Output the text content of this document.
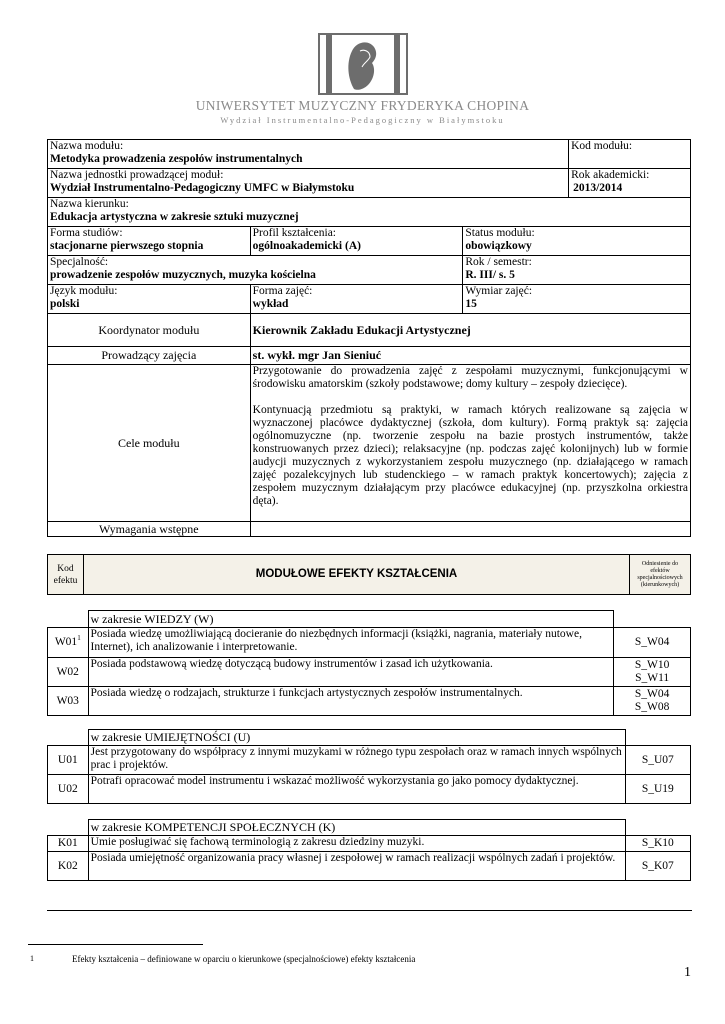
UNIWERSYTET MUZYCZNY FRYDERYKA CHOPINA
Wydział Instrumentalno-Pedagogiczny w Białymstoku
Nazwa modułu:
Metodyka prowadzenia zespołów instrumentalnych			Kod modułu:

Nazwa jednostki prowadzącej moduł:
Wydział Instrumentalno-Pedagogiczny UMFC w Białymstoku			Rok akademicki:
2013/2014

Nazwa kierunku:
Edukacja artystyczna w zakresie sztuki muzycznej			

Forma studiów:
stacjonarne pierwszego stopnia	Profil kształcenia:
ogólnoakademicki (A)	Status modułu:
obowiązkowy	

Specjalność:
prowadzenie zespołów muzycznych, muzyka kościelna		Rok / semestr:
R. III/ s. 5	

Język modułu:
polski	Forma zajęć:
wykład	Wymiar zajęć:
15	

Koordynator modułu	Kierownik Zakładu Edukacji Artystycznej		
Prowadzący zajęcia	st. wykł. mgr Jan Sieniuć		
Cele modułu	Przygotowanie do prowadzenia zajęć z zespołami muzycznymi, funkcjonującymi w środowisku amatorskim (szkoły podstawowe; domy kultury – zespoły dziecięce).
Kontynuacją przedmiotu są praktyki, w ramach których realizowane są zajęcia w wyznaczonej placówce dydaktycznej (szkoła, dom kultury). Formą praktyk są: zajęcia ogólnomuzyczne (np. tworzenie zespołu na bazie prostych instrumentów, także konstruowanych przez dzieci); relaksacyjne (np. podczas zajęć kolonijnych) lub w formie audycji muzycznych z wykorzystaniem zespołu muzycznego (np. działającego w ramach zajęć pozalekcyjnych lub studenckiego – w ramach praktyk koncertowych); zajęcia z zespołem muzycznym działającym przy placówce edukacyjnej (np. przyszkolna orkiestra dęta).		

Wymagania wstępne			
Kod efektu	MODUŁOWE EFEKTY KSZTAŁCENIA	Odniesienie do efektów specjalnościowych (kierunkowych)
	w zakresie WIEDZY (W)	
$W01^1$	Posiada wiedzę umożliwiającą docieranie do niezbędnych informacji (książki, nagrania, materiały nutowe, Internet), ich analizowanie i interpretowanie.	S_W04
W02	Posiada podstawową wiedzę dotyczącą budowy instrumentów i zasad ich użytkowania.	S_W10 S_W11
W03	Posiada wiedzę o rodzajach, strukturze i funkcjach artystycznych zespołów instrumentalnych.	S_W04 S_W08
	w zakresie UMIEJĘTNOŚCI (U)	
U01	Jest przygotowany do współpracy z innymi muzykami w różnego typu zespołach oraz w ramach innych wspólnych prac i projektów.	S_U07
U02	Potrafi opracować model instrumentu i wskazać możliwość wykorzystania go jako pomocy dydaktycznej.	S_U19
	w zakresie KOMPETENCJI SPOŁECZNYCH (K)	
K01	Umie posługiwać się fachową terminologią z zakresu dziedziny muzyki.	S_K10
K02	Posiada umiejętność organizowania pracy własnej i zespołowej w ramach realizacji wspólnych zadań i projektów.	S_K07
1	Efekty kształcenia – definiowane w oparciu o kierunkowe (specjalnościowe) efekty kształcenia
1
